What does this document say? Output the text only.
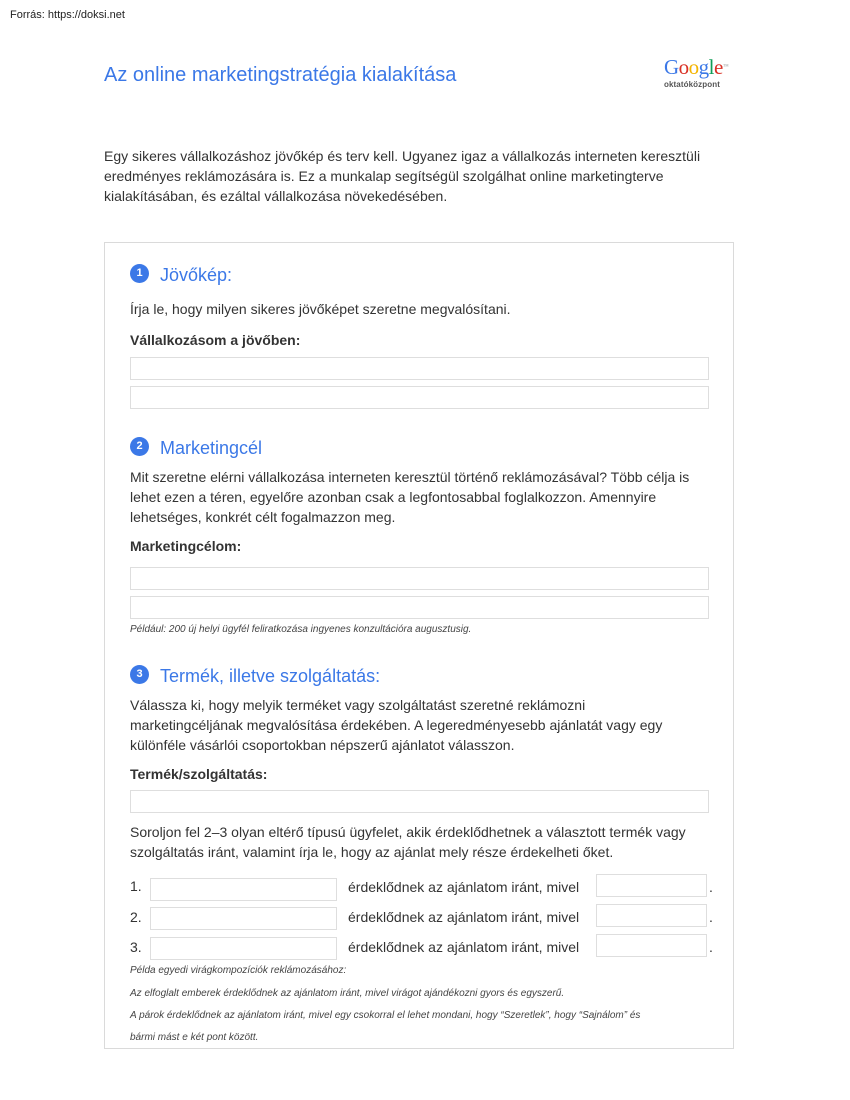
Forrás: https://doksi.net
Az online marketingstratégia kialakítása	Google™
oktatóközpont

Egy sikeres vállalkozáshoz jövőkép és terv kell. Ugyanez igaz a vállalkozás interneten keresztüli eredményes reklámozására is. Ez a munkalap segítségül szolgálhat online marketingterve kialakításában, és ezáltal vállalkozása növekedésében.

1 Jövőkép:

Írja le, hogy milyen sikeres jövőképet szeretne megvalósítani.

Vállalkozásom a jövőben:
2 Marketingcél

Mit szeretne elérni vállalkozása interneten keresztül történő reklámozásával? Több célja is lehet ezen a téren, egyelőre azonban csak a legfontosabbal foglalkozzon. Amennyire lehetséges, konkrét célt fogalmazzon meg.

Marketingcélom:
Például: 200 új helyi ügyfél feliratkozása ingyenes konzultációra augusztusig.
3 Termék, illetve szolgáltatás:

Válassza ki, hogy melyik terméket vagy szolgáltatást szeretné reklámozni marketingcéljának megvalósítása érdekében. A legeredményesebb ajánlatát vagy egy különféle vásárlói csoportokban népszerű ajánlatot válasszon.

Termék/szolgáltatás:

Soroljon fel 2–3 olyan eltérő típusú ügyfelet, akik érdeklődhetnek a választott termék vagy szolgáltatás iránt, valamint írja le, hogy az ajánlat mely része érdekelheti őket.

1.	érdeklődnek az ajánlatom iránt, mivel	.
2.	érdeklődnek az ajánlatom iránt, mivel	.
3.	érdeklődnek az ajánlatom iránt, mivel	.
Példa egyedi virágkompozíciók reklámozásához:
Az elfoglalt emberek érdeklődnek az ajánlatom iránt, mivel virágot ajándékozni gyors és egyszerű.
A párok érdeklődnek az ajánlatom iránt, mivel egy csokorral el lehet mondani, hogy “Szeretlek”, hogy “Sajnálom” és
bármi mást e két pont között.
